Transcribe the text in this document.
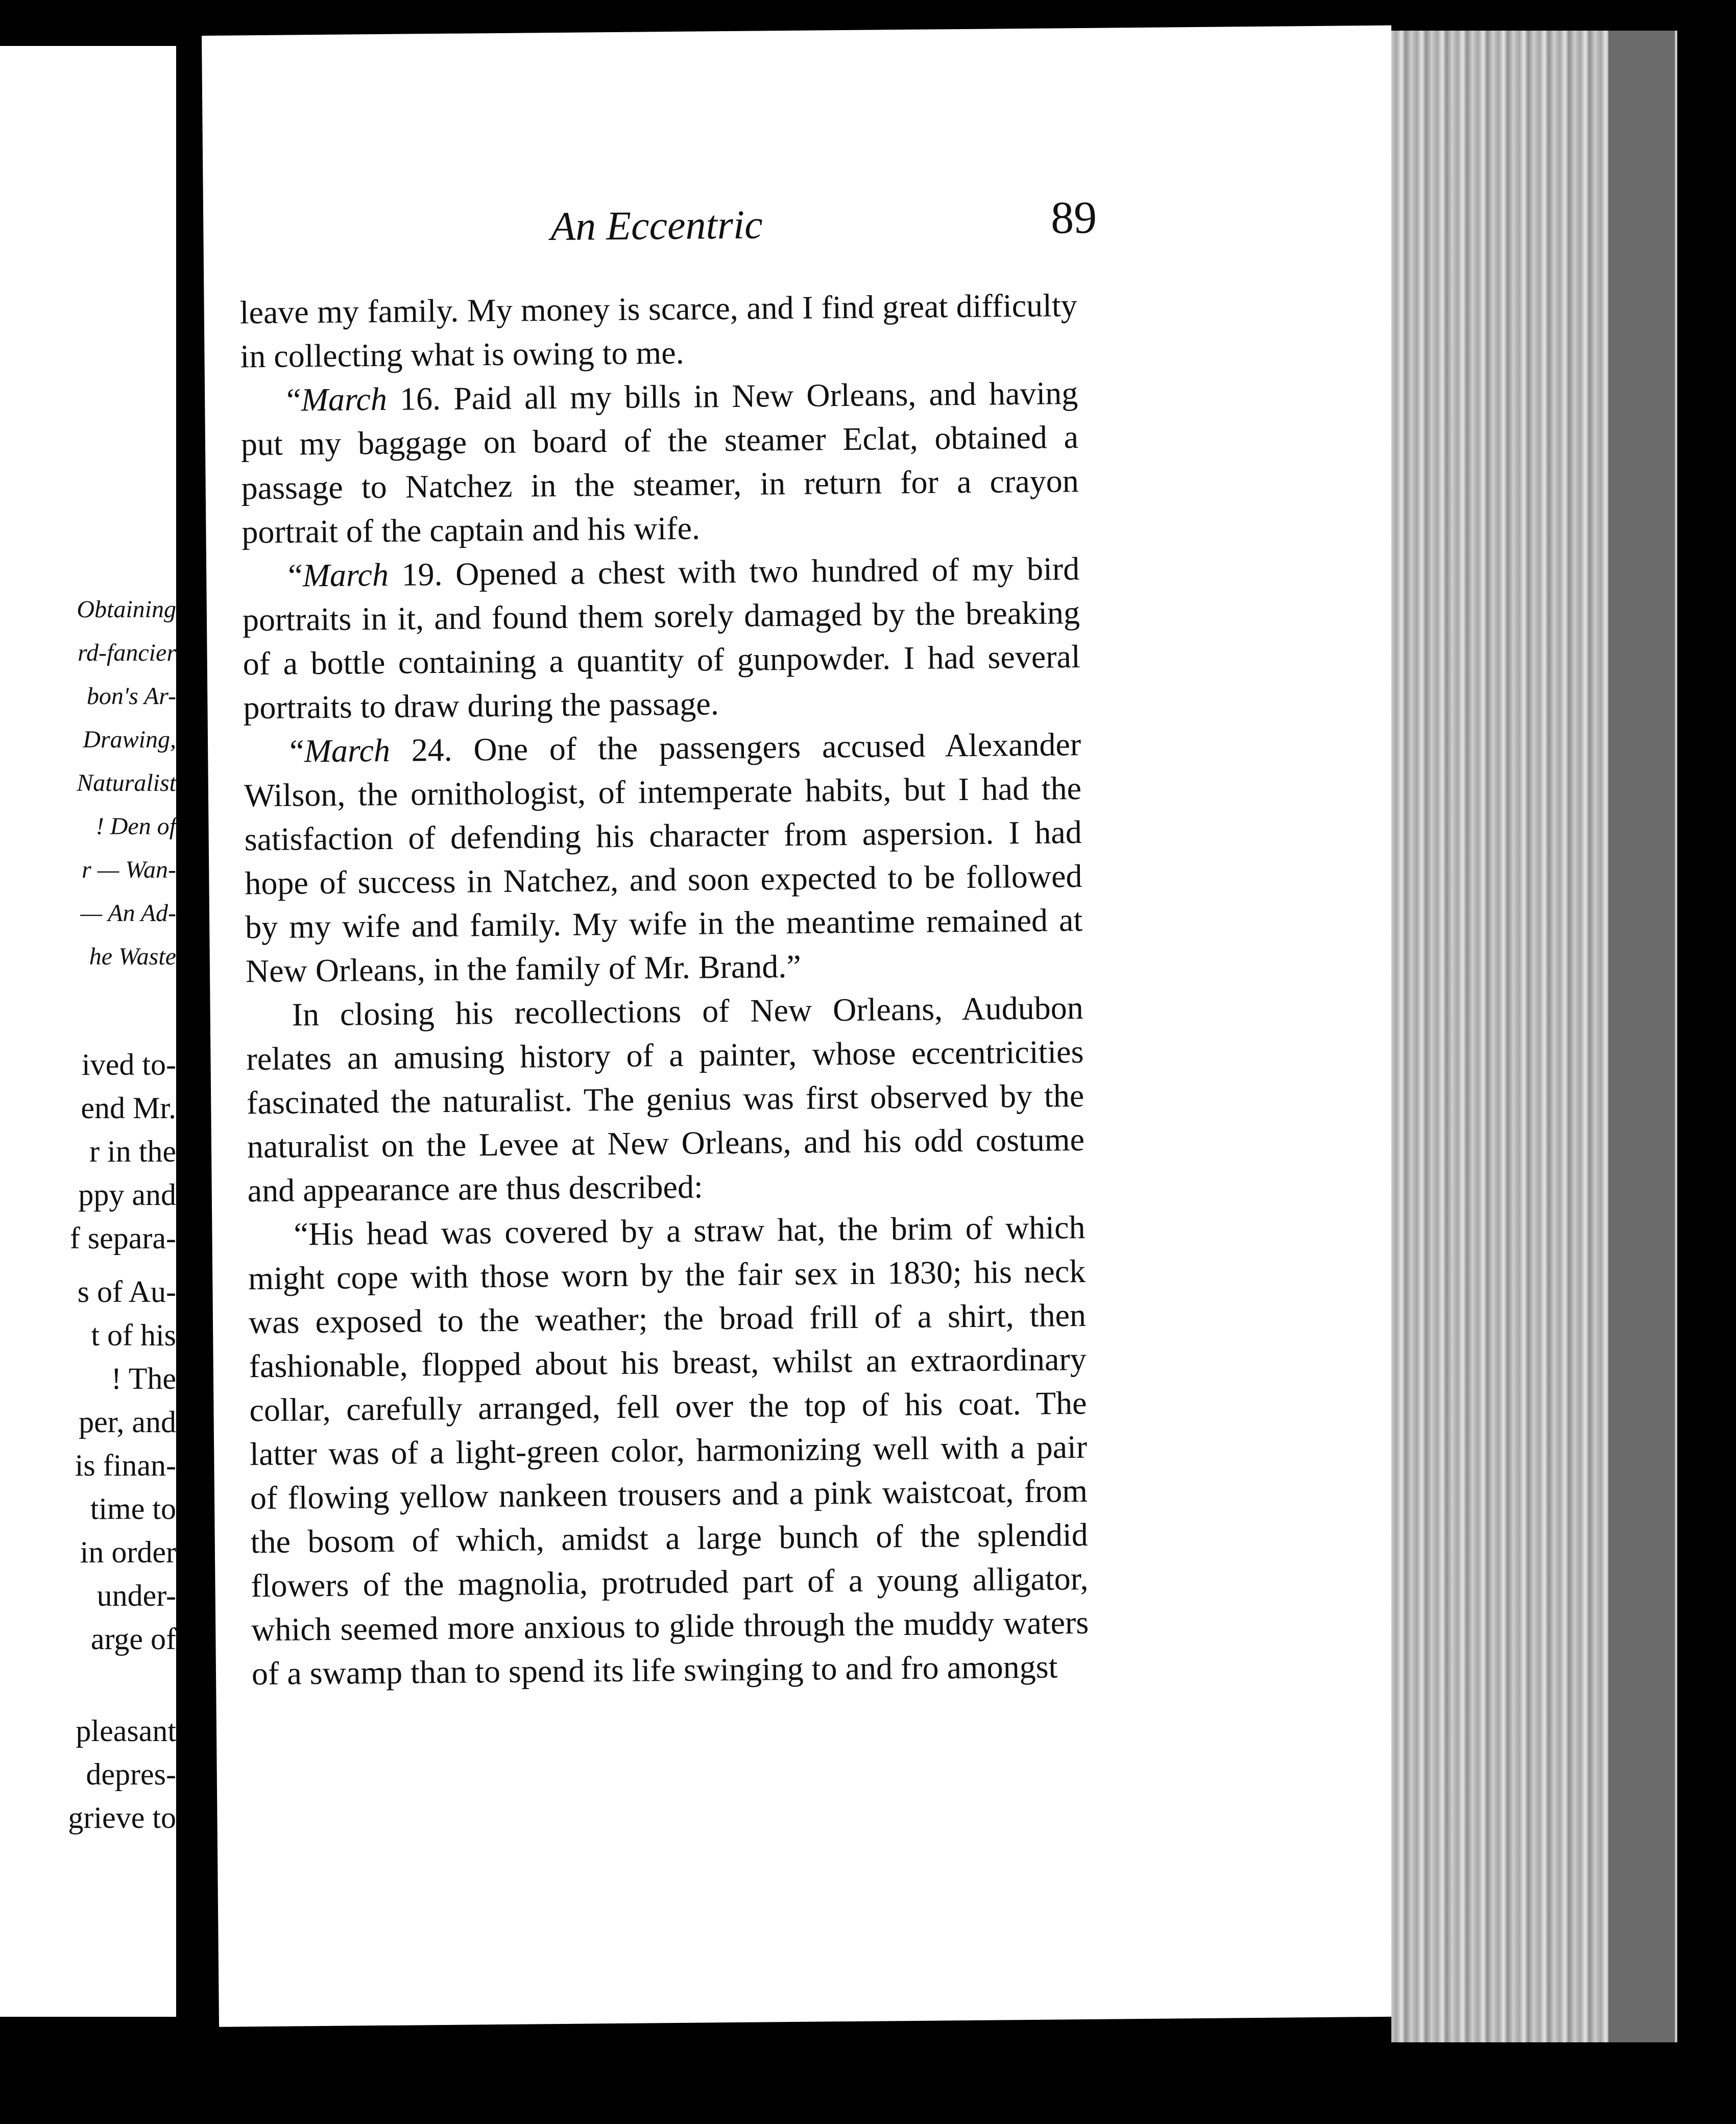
Obtaining
rd-fancier
bon's Ar-
Drawing,
Naturalist
! Den of
r — Wan-
— An Ad-
he Waste
ived to-
end Mr.
r in the
ppy and
f separa-
s of Au-
t of his
! The
per, and
is finan-
time to
in order
under-
arge of
pleasant
depres-
grieve to
An Eccentric	89

leave my family. My money is scarce, and I find great difficulty in collecting what is owing to me.

“March 16. Paid all my bills in New Orleans, and having put my baggage on board of the steamer Eclat, obtained a passage to Natchez in the steamer, in return for a crayon portrait of the captain and his wife.

“March 19. Opened a chest with two hundred of my bird portraits in it, and found them sorely damaged by the breaking of a bottle containing a quantity of gunpowder. I had several portraits to draw during the passage.

“March 24. One of the passengers accused Alexander Wilson, the ornithologist, of intemperate habits, but I had the satisfaction of defending his character from aspersion. I had hope of success in Natchez, and soon expected to be followed by my wife and family. My wife in the meantime remained at New Orleans, in the family of Mr. Brand.”

In closing his recollections of New Orleans, Audubon relates an amusing history of a painter, whose eccentricities fascinated the naturalist. The genius was first observed by the naturalist on the Levee at New Orleans, and his odd costume and appearance are thus described:

“His head was covered by a straw hat, the brim of which might cope with those worn by the fair sex in 1830; his neck was exposed to the weather; the broad frill of a shirt, then fashionable, flopped about his breast, whilst an extraordinary collar, carefully arranged, fell over the top of his coat. The latter was of a light-green color, harmonizing well with a pair of flowing yellow nankeen trousers and a pink waistcoat, from the bosom of which, amidst a large bunch of the splendid flowers of the magnolia, protruded part of a young alligator, which seemed more anxious to glide through the muddy waters of a swamp than to spend its life swinging to and fro amongst
